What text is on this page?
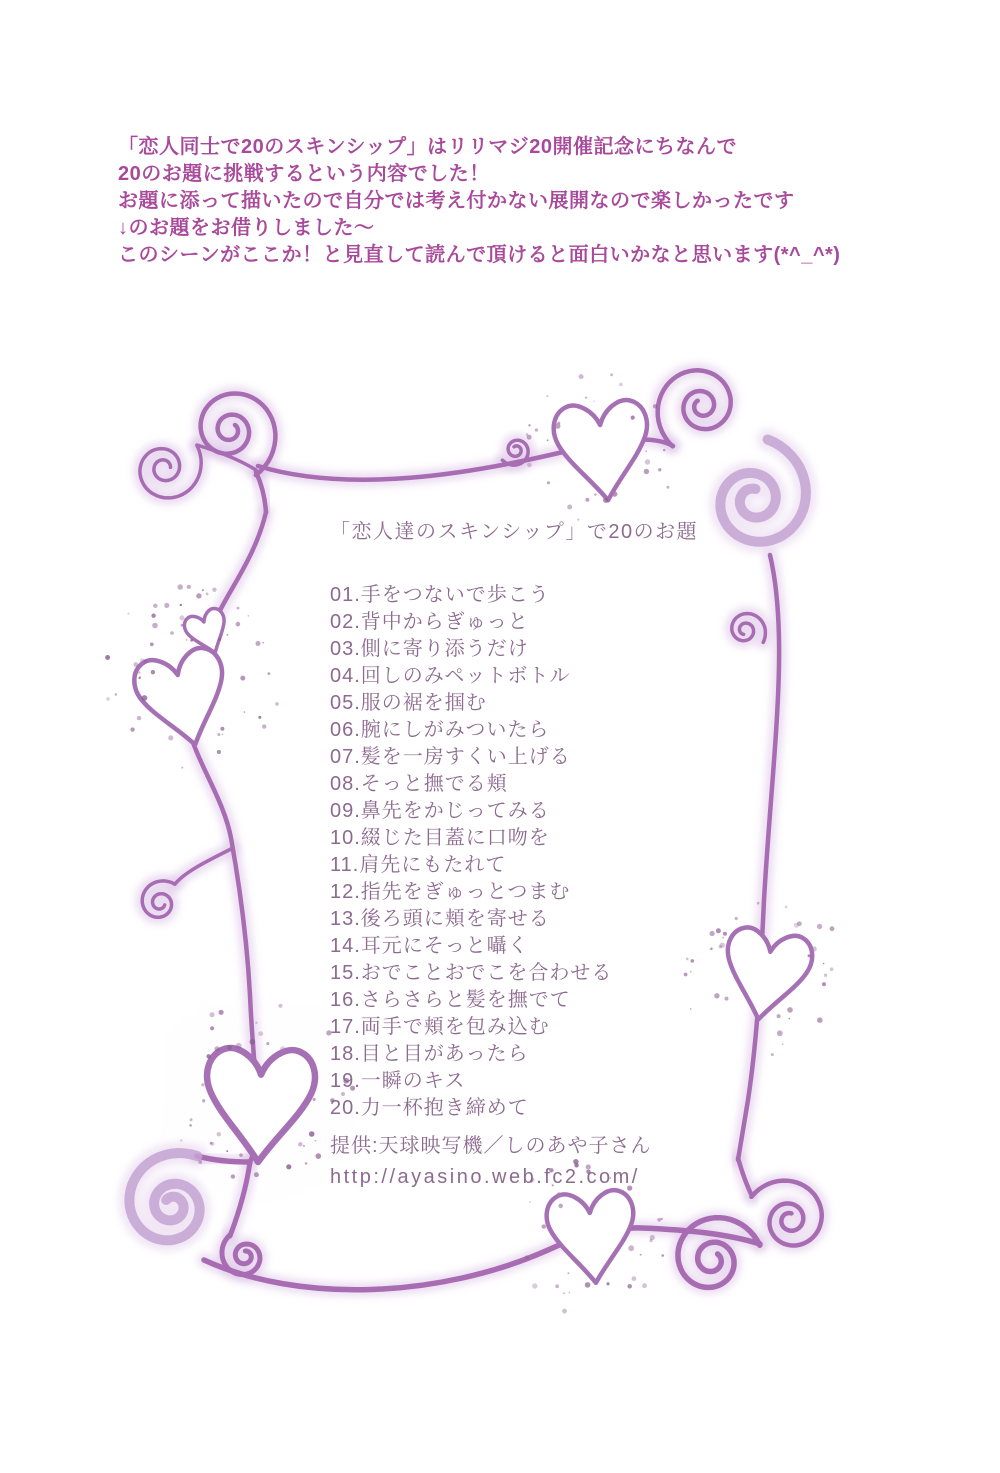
「恋人同士で20のスキンシップ」はリリマジ20開催記念にちなんで
20のお題に挑戦するという内容でした！
お題に添って描いたので自分では考え付かない展開なので楽しかったです
↓のお題をお借りしました～
このシーンがここか！と見直して読んで頂けると面白いかなと思います(*^_^*)
「恋人達のスキンシップ」で20のお題
01.手をつないで歩こう
02.背中からぎゅっと
03.側に寄り添うだけ
04.回しのみペットボトル
05.服の裾を掴む
06.腕にしがみついたら
07.髪を一房すくい上げる
08.そっと撫でる頬
09.鼻先をかじってみる
10.綴じた目蓋に口吻を
11.肩先にもたれて
12.指先をぎゅっとつまむ
13.後ろ頭に頬を寄せる
14.耳元にそっと囁く
15.おでことおでこを合わせる
16.さらさらと髪を撫でて
17.両手で頬を包み込む
18.目と目があったら
19.一瞬のキス
20.力一杯抱き締めて
提供:天球映写機／しのあや子さん
http://ayasino.web.fc2.com/
